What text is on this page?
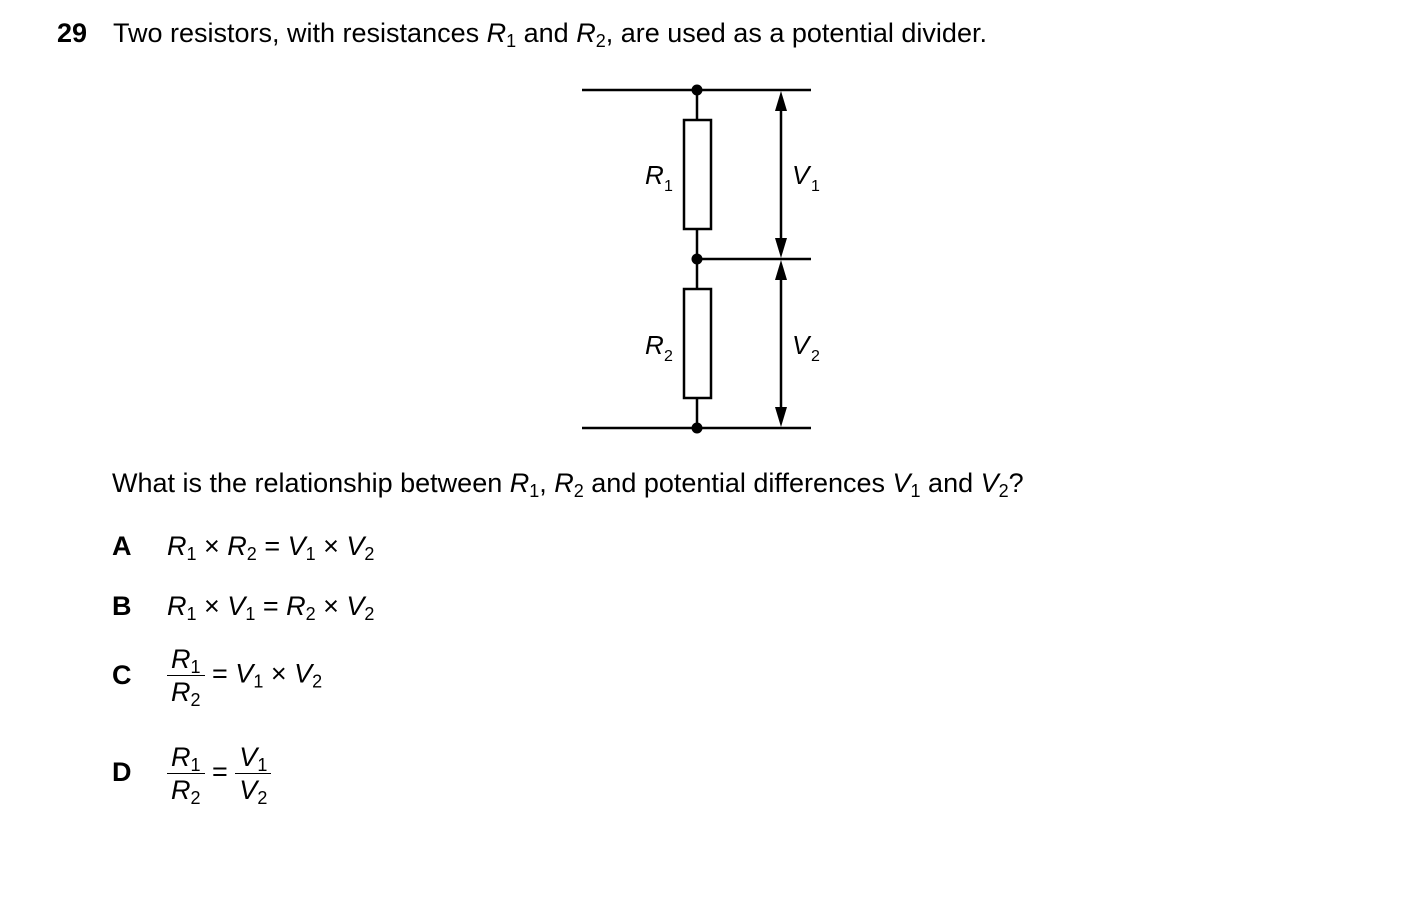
29 Two resistors, with resistances $R_1$ and $R_2$, are used as a potential divider.
R 1
R 2
V 1
V 2
What is the relationship between $R_1$, $R_2$ and potential differences $V_1$ and $V_2$?
A $R_1 \times R_2 = V_1 \times V_2$
B $R_1 \times V_1 = R_2 \times V_2$
C $\frac{R_1}{R_2} = V_1 \times V_2$
D $\frac{R_1}{R_2} = \frac{V_1}{V_2}$
